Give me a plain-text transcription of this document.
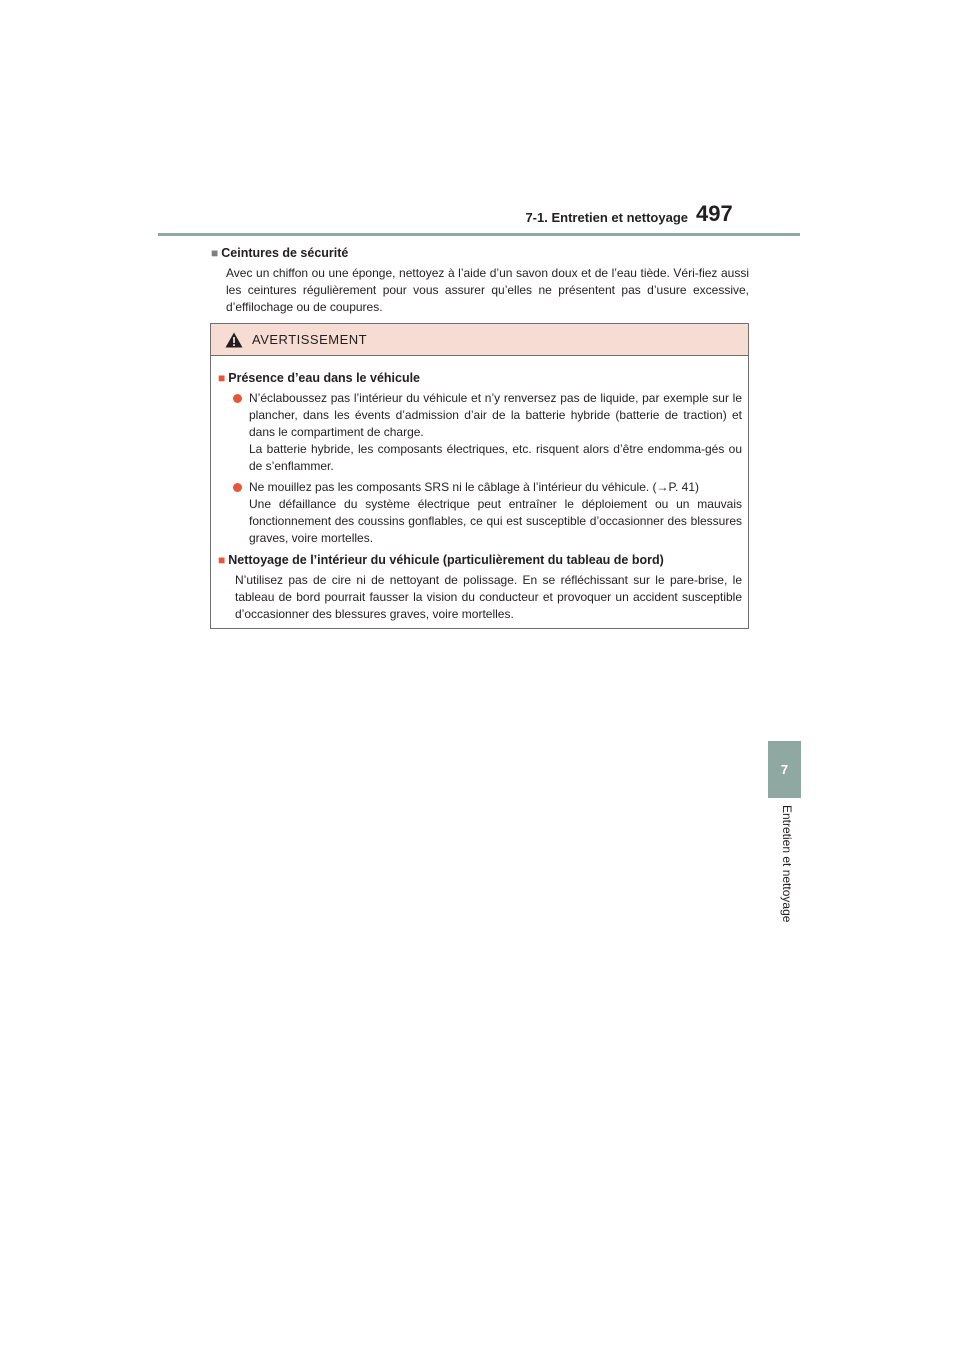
7-1. Entretien et nettoyage 497
7
Entretien et nettoyage
■ Ceintures de sécurité
Avec un chiffon ou une éponge, nettoyez à l’aide d’un savon doux et de l’eau tiède. Véri-fiez aussi les ceintures régulièrement pour vous assurer qu’elles ne présentent pas d’usure excessive, d’effilochage ou de coupures.
AVERTISSEMENT
■ Présence d’eau dans le véhicule
N’éclaboussez pas l’intérieur du véhicule et n’y renversez pas de liquide, par exemple sur le plancher, dans les évents d’admission d’air de la batterie hybride (batterie de traction) et dans le compartiment de charge.
La batterie hybride, les composants électriques, etc. risquent alors d’être endomma-gés ou de s’enflammer.
Ne mouillez pas les composants SRS ni le câblage à l’intérieur du véhicule. (→P. 41)
Une défaillance du système électrique peut entraîner le déploiement ou un mauvais fonctionnement des coussins gonflables, ce qui est susceptible d’occasionner des blessures graves, voire mortelles.
■ Nettoyage de l’intérieur du véhicule (particulièrement du tableau de bord)
N’utilisez pas de cire ni de nettoyant de polissage. En se réfléchissant sur le pare-brise, le tableau de bord pourrait fausser la vision du conducteur et provoquer un accident susceptible d’occasionner des blessures graves, voire mortelles.
